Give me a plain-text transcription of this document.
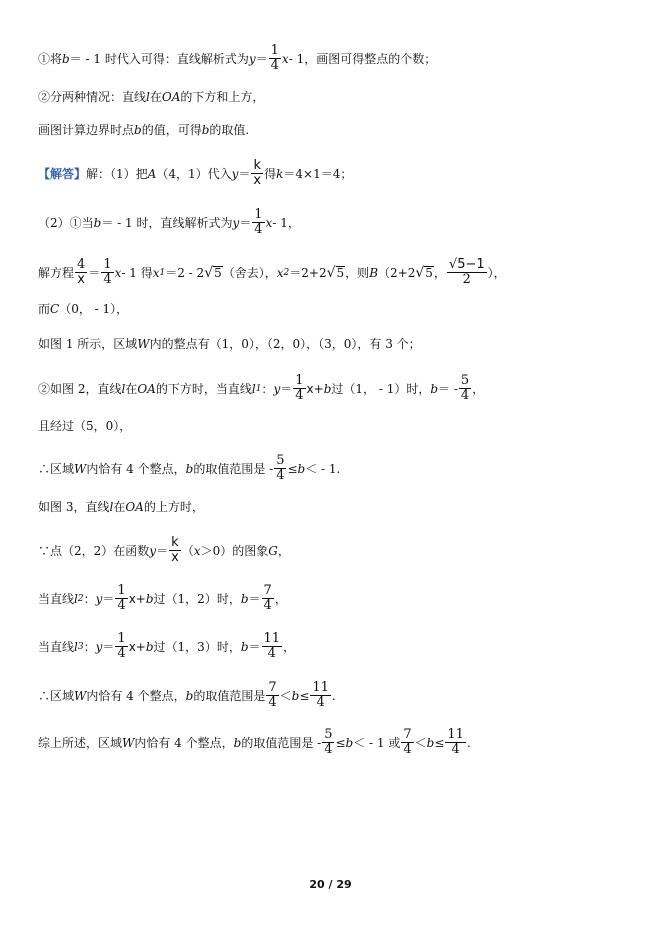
①将 b ＝ - 1 时代入可得：直线解析式为 $y = \frac{1}{4}$ x - 1，画图可得整点的个数；
②分两种情况：直线 l 在 OA 的下方和上方，
画图计算边界时点 b 的值，可得 b 的取值.
【解答】 解：（1）把 A （4，1）代入 $y = \frac{k}{x}$ 得 k ＝4×1＝4；
（2）①当 b ＝ - 1 时，直线解析式为 $y = \frac{1}{4}$ x - 1，
解方程 $\frac{4}{x} = \frac{1}{4}$ x - 1 得 x 1 ＝2 - 2 √ 5 （舍去）， x 2 ＝2+2 √ 5 ，则 B （2+2 √ 5 ， $\frac{√5-1}{2}$ ），
而 C （0， - 1），
如图 1 所示，区域 W 内的整点有（1，0），（2，0），（3，0），有 3 个；
②如图 2，直线 l 在 OA 的下方时，当直线 l 1 ： $y = \frac{1}{4}$ x + b 过（1， - 1）时， b ＝ - $\frac{5}{4}$ ，
且经过（5，0），
∴区域 W 内恰有 4 个整点， b 的取值范围是 - $\frac{5}{4} \le b$ ＜ - 1.
如图 3，直线 l 在 OA 的上方时，
∵点（2，2）在函数 $y = \frac{k}{x}$ （ x ＞0）的图象 G ，
当直线 l 2 ： $y = \frac{1}{4}$ x + b 过（1，2）时， $b = \frac{7}{4}$ ，
当直线 l 3 ： $y = \frac{1}{4}$ x + b 过（1，3）时， $b = \frac{11}{4}$ ，
∴区域 W 内恰有 4 个整点， b 的取值范围是 $\frac{7}{4} < b \le \frac{11}{4}$ .
综上所述，区域 W 内恰有 4 个整点， b 的取值范围是 - $\frac{5}{4} \le b$ ＜ - 1 或 $\frac{7}{4} < b \le \frac{11}{4}$ .
20 / 29
